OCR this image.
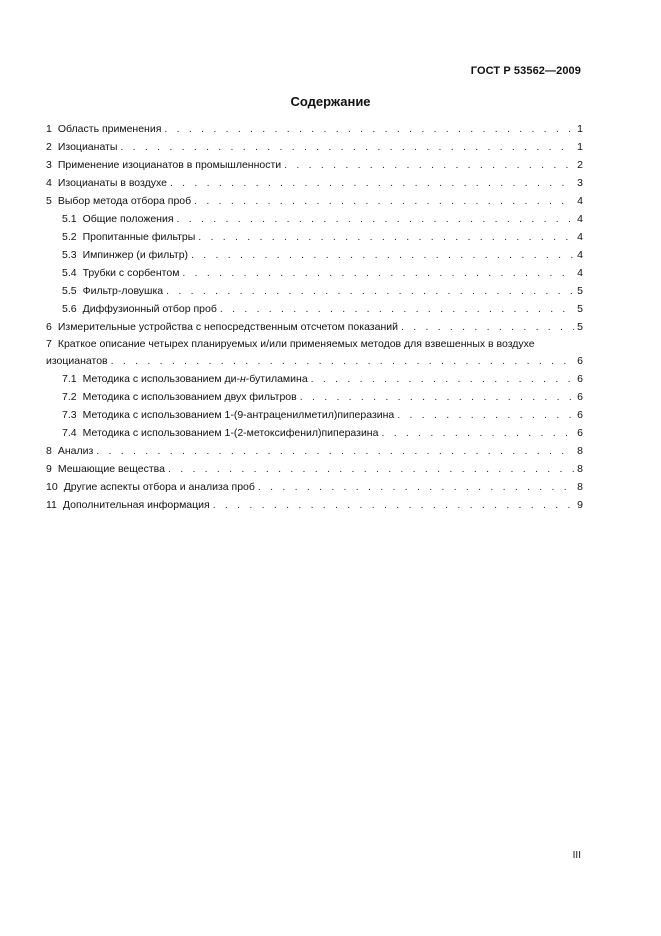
ГОСТ Р 53562—2009
Содержание
1 Область применения . . .	1
2 Изоцианаты . . .	1
3 Применение изоцианатов в промышленности . . .	2
4 Изоцианаты в воздухе . . .	3
5 Выбор метода отбора проб . . .	4
5.1 Общие положения . . .	4
5.2 Пропитанные фильтры . . .	4
5.3 Импинжер (и фильтр) . . .	4
5.4 Трубки с сорбентом . . .	4
5.5 Фильтр-ловушка . . .	5
5.6 Диффузионный отбор проб . . .	5
6 Измерительные устройства с непосредственным отсчетом показаний . . .	5
7 Краткое описание четырех планируемых и/или применяемых методов для взвешенных в воздухе
изоцианатов . . .	6
7.1 Методика с использованием ди-н-бутиламина . . .	6
7.2 Методика с использованием двух фильтров . . .	6
7.3 Методика с использованием 1-(9-антраценилметил)пиперазина . . .	6
7.4 Методика с использованием 1-(2-метоксифенил)пиперазина . . .	6
8 Анализ . . .	8
9 Мешающие вещества . . .	8
10 Другие аспекты отбора и анализа проб . . .	8
11 Дополнительная информация . . .	9
III
